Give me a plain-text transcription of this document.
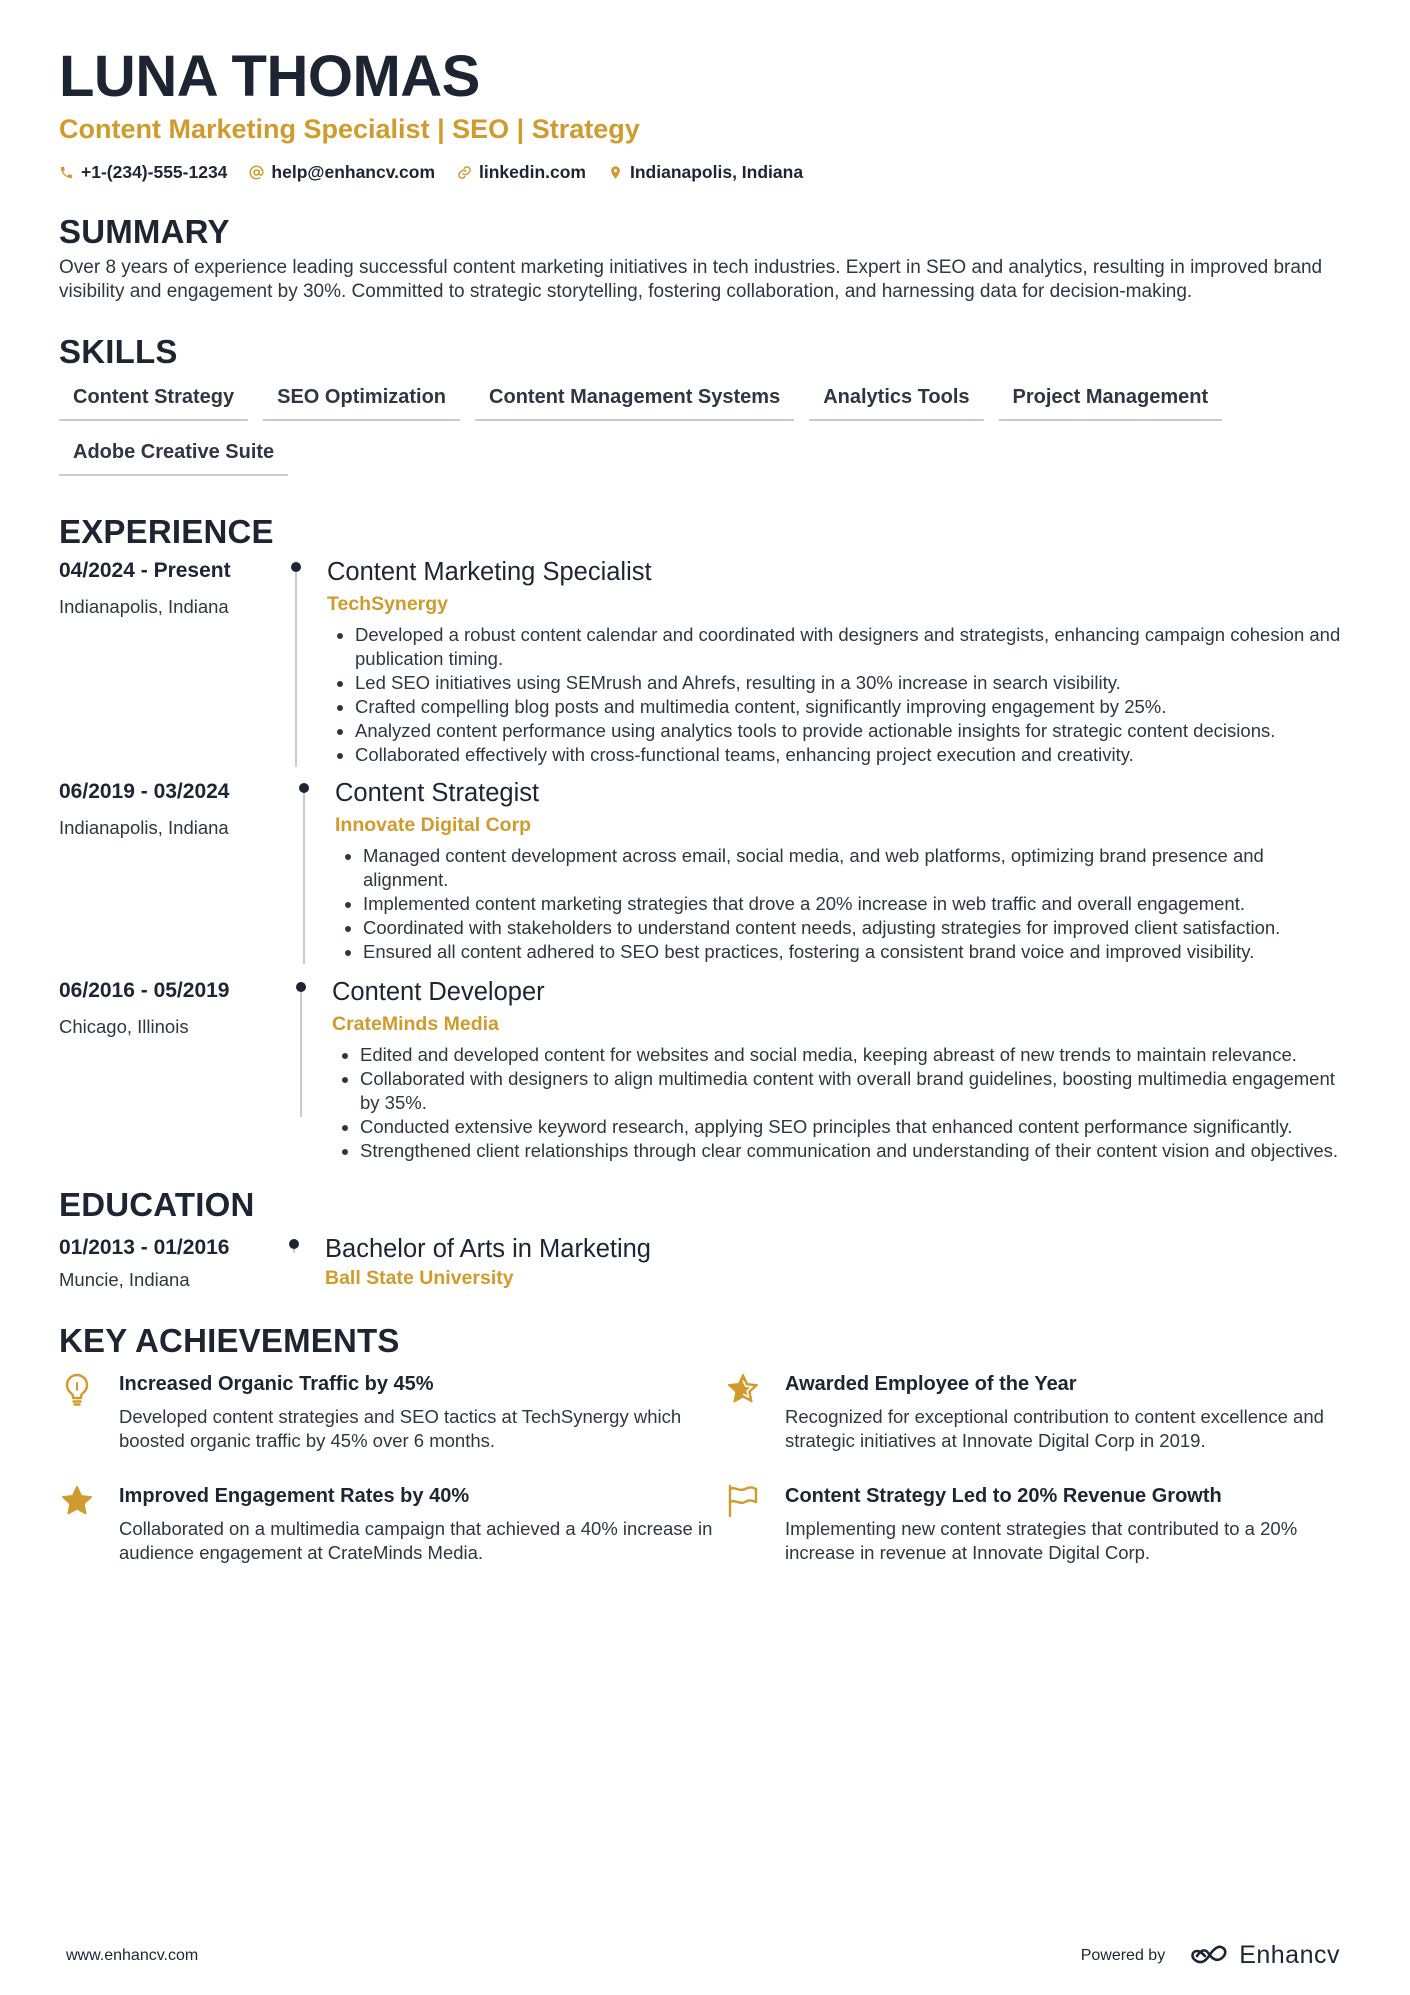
LUNA THOMAS
Content Marketing Specialist | SEO | Strategy
+1-(234)-555-1234	help@enhancv.com	linkedin.com	Indianapolis, Indiana
SUMMARY
Over 8 years of experience leading successful content marketing initiatives in tech industries. Expert in SEO and analytics, resulting in improved brand visibility and engagement by 30%. Committed to strategic storytelling, fostering collaboration, and harnessing data for decision-making.
SKILLS
Content Strategy	SEO Optimization	Content Management Systems	Analytics Tools	Project Management
Adobe Creative Suite
EXPERIENCE
04/2024 - Present
Indianapolis, Indiana
Content Marketing Specialist
TechSynergy
• Developed a robust content calendar and coordinated with designers and strategists, enhancing campaign cohesion and publication timing.
• Led SEO initiatives using SEMrush and Ahrefs, resulting in a 30% increase in search visibility.
• Crafted compelling blog posts and multimedia content, significantly improving engagement by 25%.
• Analyzed content performance using analytics tools to provide actionable insights for strategic content decisions.
• Collaborated effectively with cross-functional teams, enhancing project execution and creativity.
06/2019 - 03/2024
Indianapolis, Indiana
Content Strategist
Innovate Digital Corp
• Managed content development across email, social media, and web platforms, optimizing brand presence and alignment.
• Implemented content marketing strategies that drove a 20% increase in web traffic and overall engagement.
• Coordinated with stakeholders to understand content needs, adjusting strategies for improved client satisfaction.
• Ensured all content adhered to SEO best practices, fostering a consistent brand voice and improved visibility.
06/2016 - 05/2019
Chicago, Illinois
Content Developer
CrateMinds Media
• Edited and developed content for websites and social media, keeping abreast of new trends to maintain relevance.
• Collaborated with designers to align multimedia content with overall brand guidelines, boosting multimedia engagement by 35%.
• Conducted extensive keyword research, applying SEO principles that enhanced content performance significantly.
• Strengthened client relationships through clear communication and understanding of their content vision and objectives.
EDUCATION
01/2013 - 01/2016
Muncie, Indiana
Bachelor of Arts in Marketing
Ball State University
KEY ACHIEVEMENTS
Increased Organic Traffic by 45%
Developed content strategies and SEO tactics at TechSynergy which boosted organic traffic by 45% over 6 months.
Awarded Employee of the Year
Recognized for exceptional contribution to content excellence and strategic initiatives at Innovate Digital Corp in 2019.
Improved Engagement Rates by 40%
Collaborated on a multimedia campaign that achieved a 40% increase in audience engagement at CrateMinds Media.
Content Strategy Led to 20% Revenue Growth
Implementing new content strategies that contributed to a 20% increase in revenue at Innovate Digital Corp.
www.enhancv.com	Powered by	Enhancv
